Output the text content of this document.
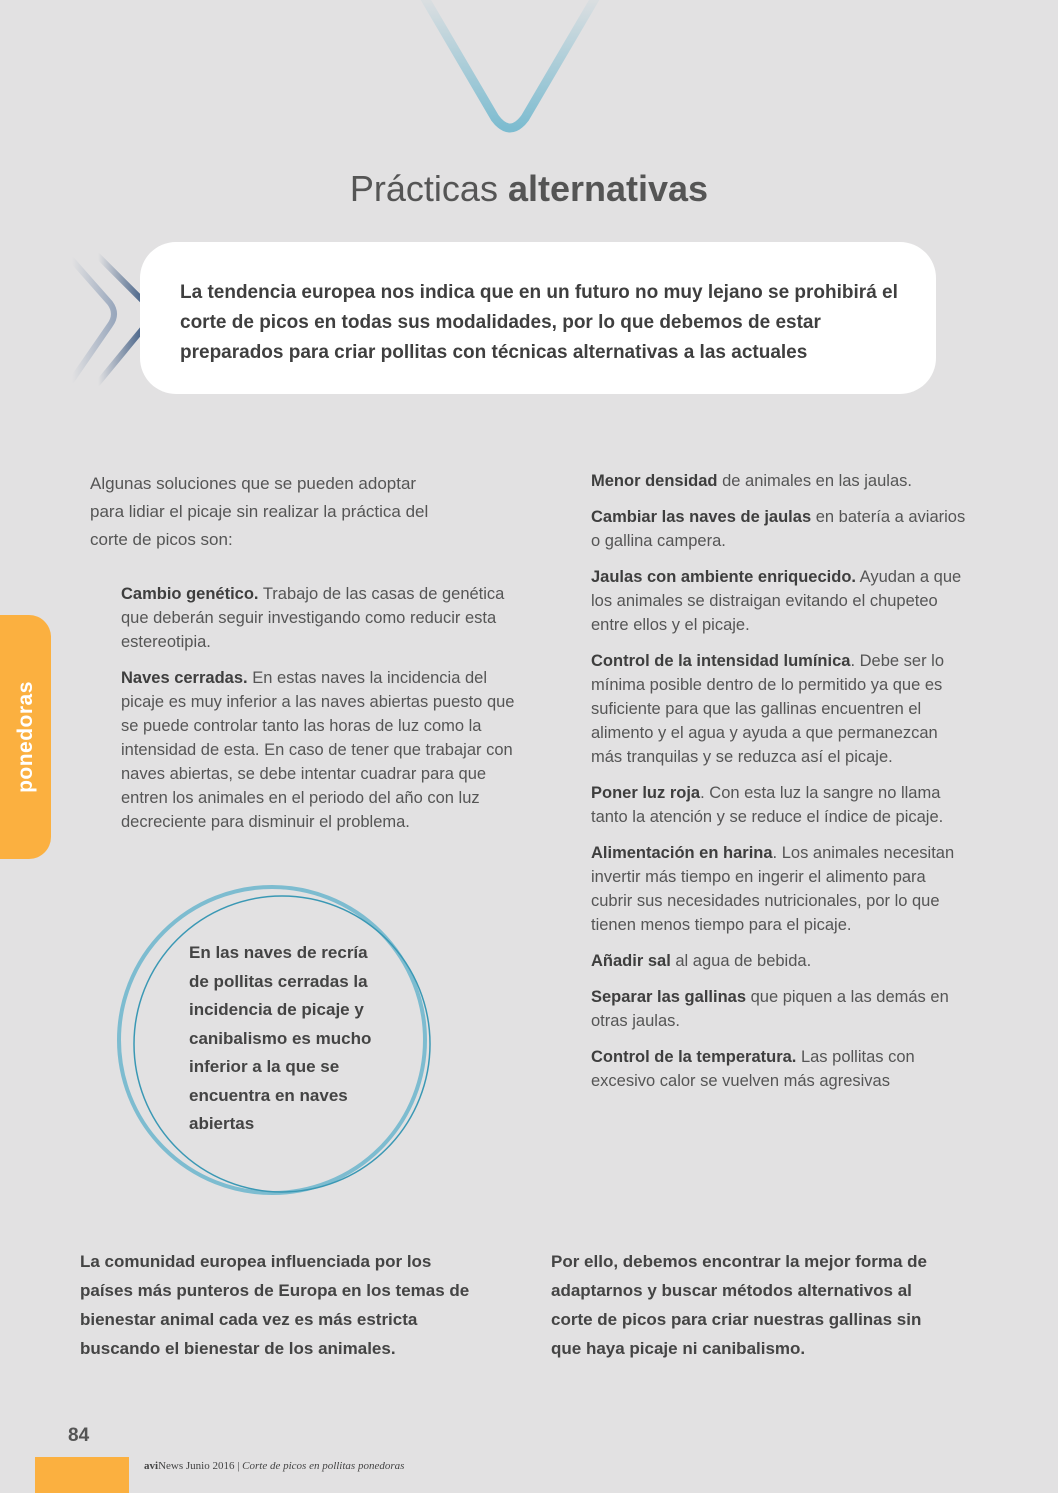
Prácticas alternativas
La tendencia europea nos indica que en un futuro no muy lejano se prohibirá el corte de picos en todas sus modalidades, por lo que debemos de estar preparados para criar pollitas con técnicas alternativas a las actuales
ponedoras
Algunas soluciones que se pueden adoptar para lidiar el picaje sin realizar la práctica del corte de picos son:

Cambio genético. Trabajo de las casas de genética que deberán seguir investigando como reducir esta estereotipia.

Naves cerradas. En estas naves la incidencia del picaje es muy inferior a las naves abiertas puesto que se puede controlar tanto las horas de luz como la intensidad de esta. En caso de tener que trabajar con naves abiertas, se debe intentar cuadrar para que entren los animales en el periodo del año con luz decreciente para disminuir el problema.

Menor densidad de animales en las jaulas.

Cambiar las naves de jaulas en batería a aviarios o gallina campera.

Jaulas con ambiente enriquecido. Ayudan a que los animales se distraigan evitando el chupeteo entre ellos y el picaje.

Control de la intensidad lumínica. Debe ser lo mínima posible dentro de lo permitido ya que es suficiente para que las gallinas encuentren el alimento y el agua y ayuda a que permanezcan más tranquilas y se reduzca así el picaje.

Poner luz roja. Con esta luz la sangre no llama tanto la atención y se reduce el índice de picaje.

Alimentación en harina. Los animales necesitan invertir más tiempo en ingerir el alimento para cubrir sus necesidades nutricionales, por lo que tienen menos tiempo para el picaje.

Añadir sal al agua de bebida.

Separar las gallinas que piquen a las demás en otras jaulas.

Control de la temperatura. Las pollitas con excesivo calor se vuelven más agresivas

En las naves de recría de pollitas cerradas la incidencia de picaje y canibalismo es mucho inferior a la que se encuentra en naves abiertas
La comunidad europea influenciada por los países más punteros de Europa en los temas de bienestar animal cada vez es más estricta buscando el bienestar de los animales.
Por ello, debemos encontrar la mejor forma de adaptarnos y buscar métodos alternativos al corte de picos para criar nuestras gallinas sin que haya picaje ni canibalismo.
84
aviNews Junio 2016 | Corte de picos en pollitas ponedoras
